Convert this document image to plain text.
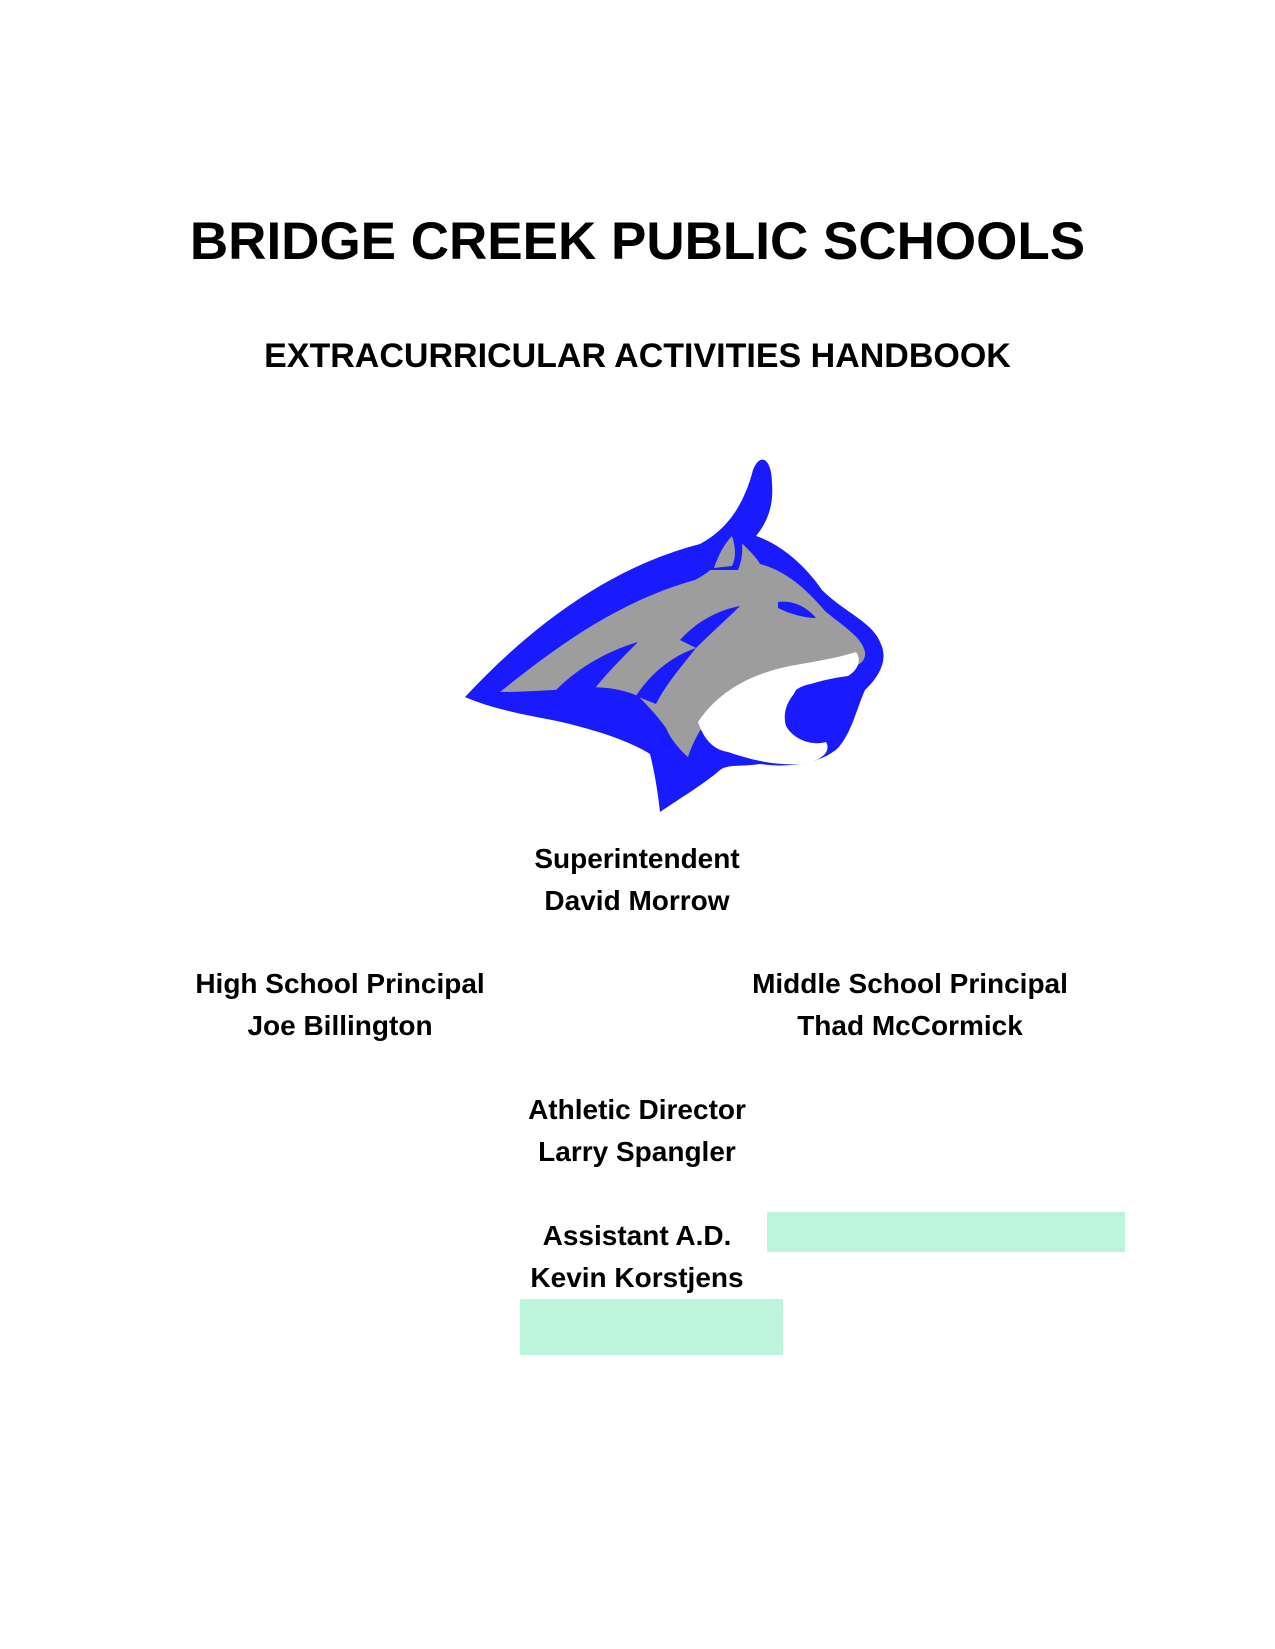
BRIDGE CREEK PUBLIC SCHOOLS
EXTRACURRICULAR ACTIVITIES HANDBOOK
Superintendent
David Morrow
High School Principal
Joe Billington
Middle School Principal
Thad McCormick
Athletic Director
Larry Spangler
Assistant A.D.
Kevin Korstjens
